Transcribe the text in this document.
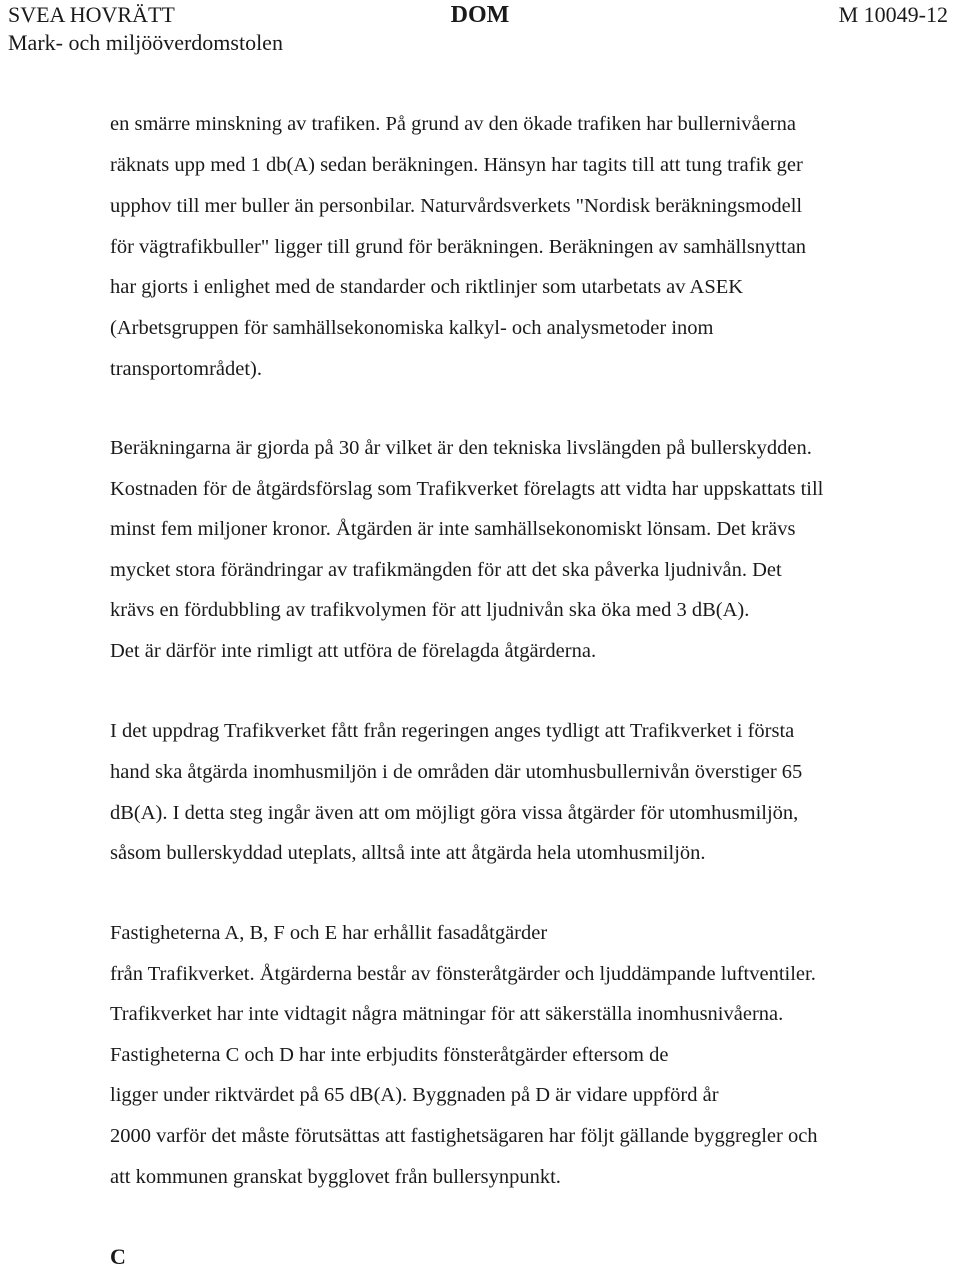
SVEA HOVRÄTT
Mark- och miljööverdomstolen
DOM	M 10049-12
en smärre minskning av trafiken. På grund av den ökade trafiken har bullernivåerna
räknats upp med 1 db(A) sedan beräkningen. Hänsyn har tagits till att tung trafik ger
upphov till mer buller än personbilar. Naturvårdsverkets "Nordisk beräkningsmodell
för vägtrafikbuller" ligger till grund för beräkningen. Beräkningen av samhällsnyttan
har gjorts i enlighet med de standarder och riktlinjer som utarbetats av ASEK
(Arbetsgruppen för samhällsekonomiska kalkyl- och analysmetoder inom
transportområdet).
Beräkningarna är gjorda på 30 år vilket är den tekniska livslängden på bullerskydden.
Kostnaden för de åtgärdsförslag som Trafikverket förelagts att vidta har uppskattats till
minst fem miljoner kronor. Åtgärden är inte samhällsekonomiskt lönsam. Det krävs
mycket stora förändringar av trafikmängden för att det ska påverka ljudnivån. Det
krävs en fördubbling av trafikvolymen för att ljudnivån ska öka med 3 dB(A).
Det är därför inte rimligt att utföra de förelagda åtgärderna.
I det uppdrag Trafikverket fått från regeringen anges tydligt att Trafikverket i första
hand ska åtgärda inomhusmiljön i de områden där utomhusbullernivån överstiger 65
dB(A). I detta steg ingår även att om möjligt göra vissa åtgärder för utomhusmiljön,
såsom bullerskyddad uteplats, alltså inte att åtgärda hela utomhusmiljön.
Fastigheterna A, B, F och E har erhållit fasadåtgärder
från Trafikverket. Åtgärderna består av fönsteråtgärder och ljuddämpande luftventiler.
Trafikverket har inte vidtagit några mätningar för att säkerställa inomhusnivåerna.
Fastigheterna C och D har inte erbjudits fönsteråtgärder eftersom de
ligger under riktvärdet på 65 dB(A). Byggnaden på D är vidare uppförd år
2000 varför det måste förutsättas att fastighetsägaren har följt gällande byggregler och
att kommunen granskat bygglovet från bullersynpunkt.
C
